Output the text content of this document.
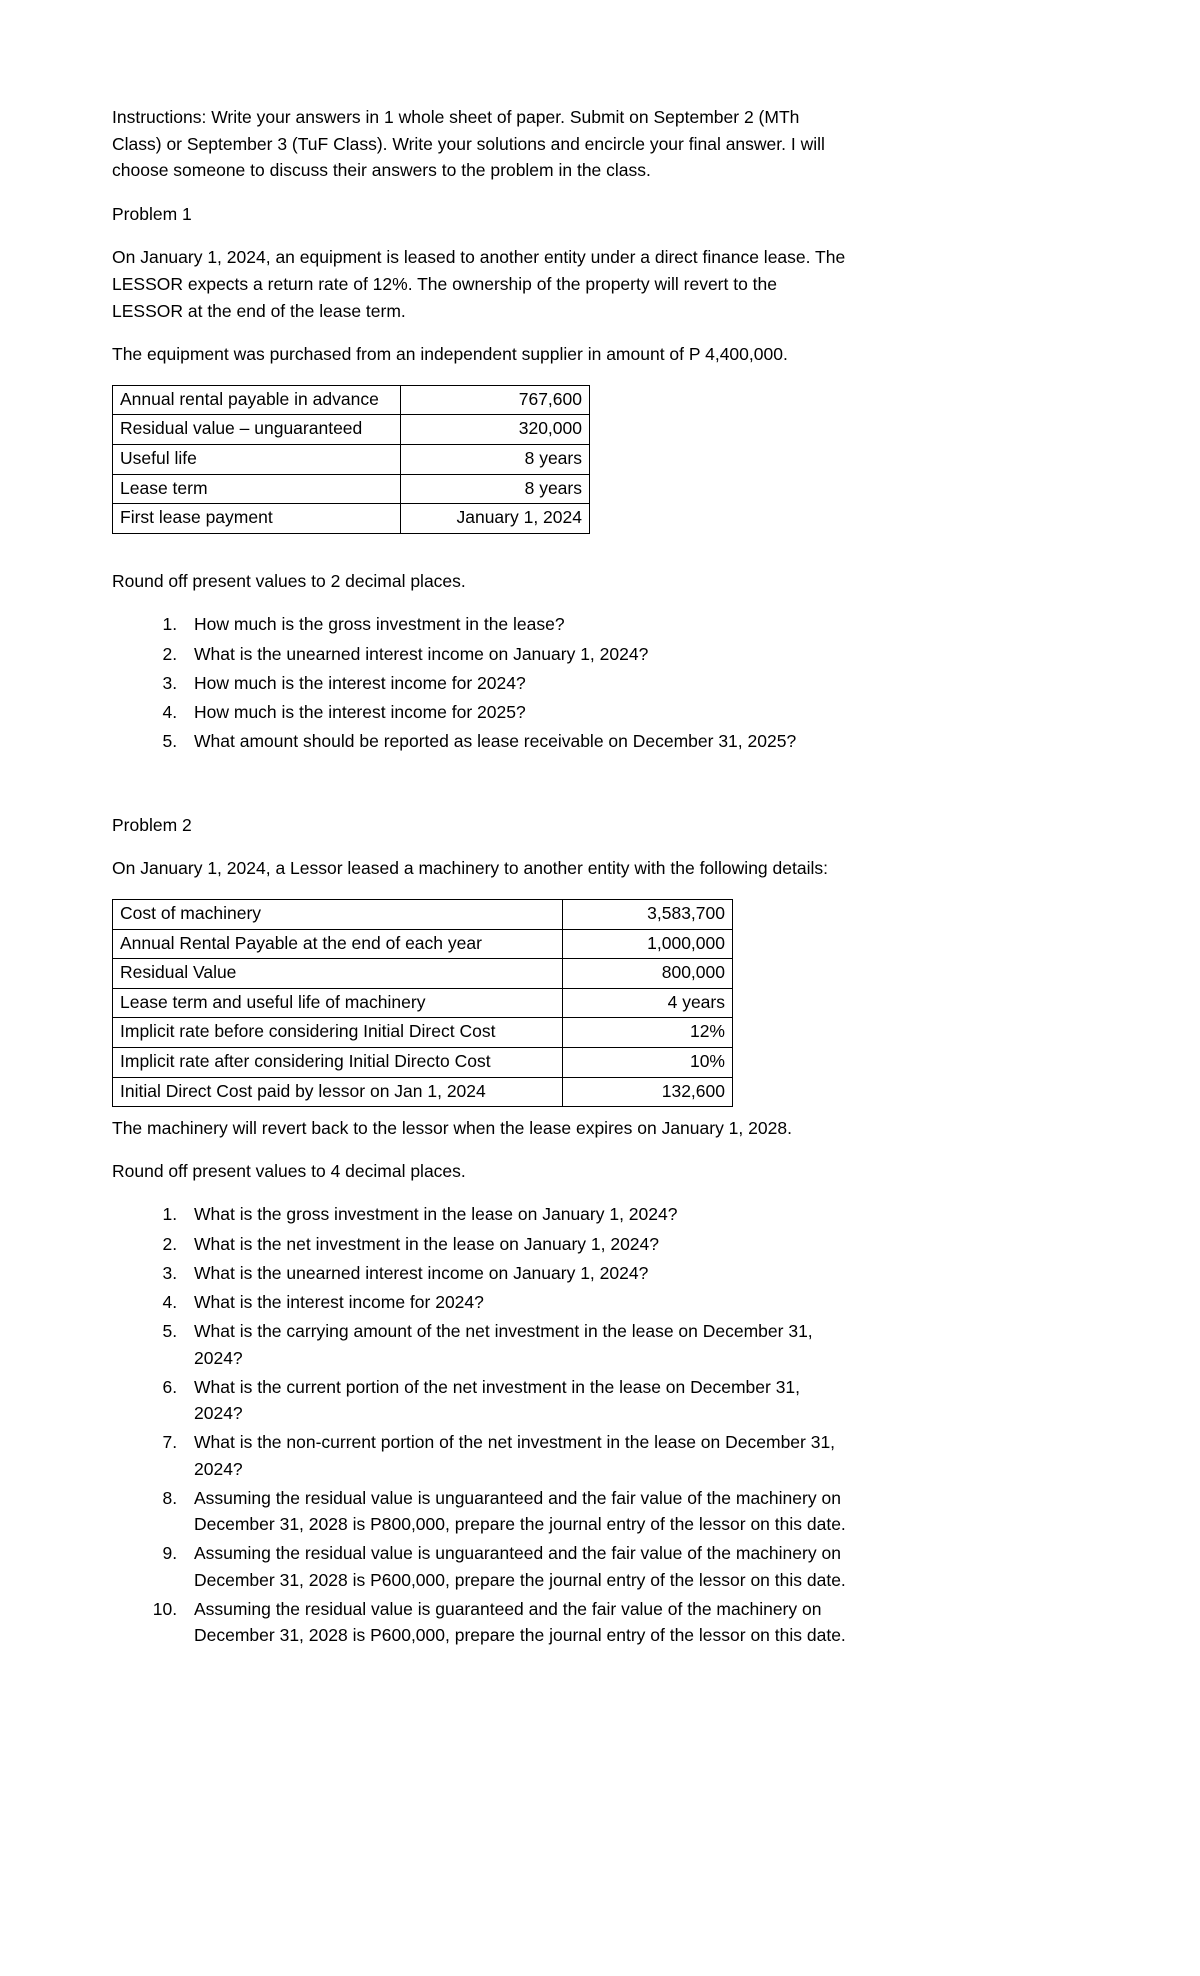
Instructions: Write your answers in 1 whole sheet of paper. Submit on September 2 (MTh Class) or September 3 (TuF Class). Write your solutions and encircle your final answer. I will choose someone to discuss their answers to the problem in the class.

Problem 1

On January 1, 2024, an equipment is leased to another entity under a direct finance lease. The LESSOR expects a return rate of 12%. The ownership of the property will revert to the LESSOR at the end of the lease term.

The equipment was purchased from an independent supplier in amount of P 4,400,000.

Annual rental payable in advance	767,600
Residual value – unguaranteed	320,000
Useful life	8 years
Lease term	8 years
First lease payment	January 1, 2024

Round off present values to 2 decimal places.

1. How much is the gross investment in the lease?
2. What is the unearned interest income on January 1, 2024?
3. How much is the interest income for 2024?
4. How much is the interest income for 2025?
5. What amount should be reported as lease receivable on December 31, 2025?

Problem 2

On January 1, 2024, a Lessor leased a machinery to another entity with the following details:

Cost of machinery	3,583,700
Annual Rental Payable at the end of each year	1,000,000
Residual Value	800,000
Lease term and useful life of machinery	4 years
Implicit rate before considering Initial Direct Cost	12%
Implicit rate after considering Initial Directo Cost	10%
Initial Direct Cost paid by lessor on Jan 1, 2024	132,600

The machinery will revert back to the lessor when the lease expires on January 1, 2028.

Round off present values to 4 decimal places.

1. What is the gross investment in the lease on January 1, 2024?
2. What is the net investment in the lease on January 1, 2024?
3. What is the unearned interest income on January 1, 2024?
4. What is the interest income for 2024?
5. What is the carrying amount of the net investment in the lease on December 31, 2024?
6. What is the current portion of the net investment in the lease on December 31, 2024?
7. What is the non-current portion of the net investment in the lease on December 31, 2024?
8. Assuming the residual value is unguaranteed and the fair value of the machinery on December 31, 2028 is P800,000, prepare the journal entry of the lessor on this date.
9. Assuming the residual value is unguaranteed and the fair value of the machinery on December 31, 2028 is P600,000, prepare the journal entry of the lessor on this date.
10. Assuming the residual value is guaranteed and the fair value of the machinery on December 31, 2028 is P600,000, prepare the journal entry of the lessor on this date.
